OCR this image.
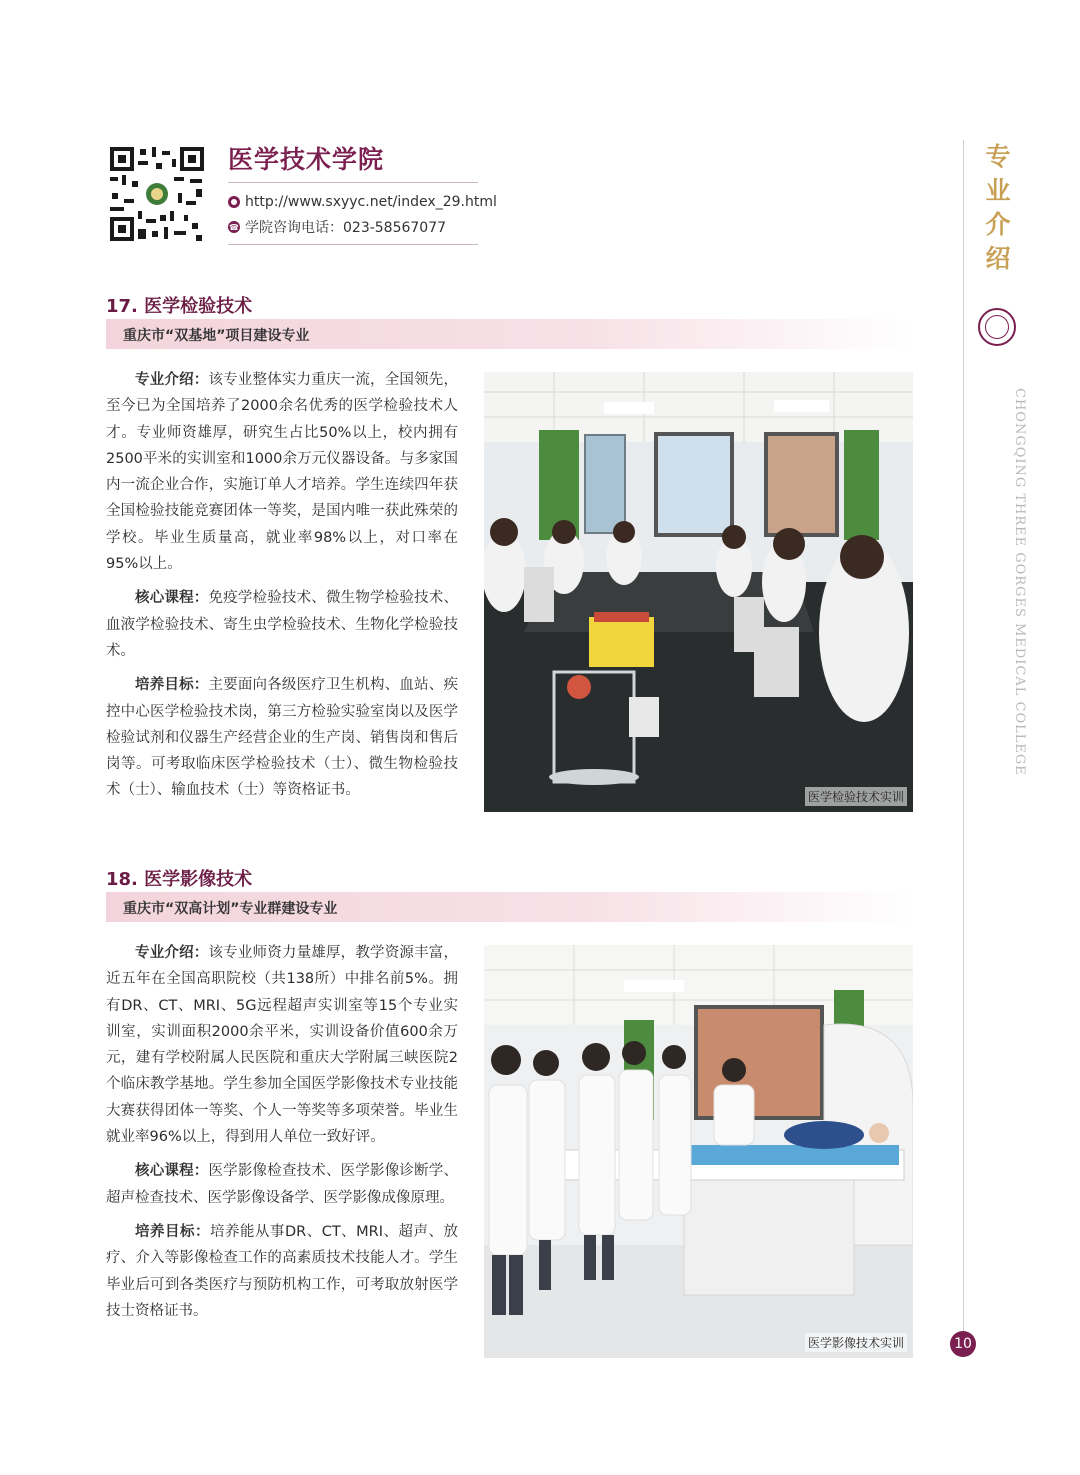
医学技术学院
http://www.sxyyc.net/index_29.html
☎ 学院咨询电话：023-58567077
专业介绍
CHONGQING THREE GORGES MEDICAL COLLEGE
10
17. 医学检验技术
重庆市“双基地”项目建设专业

专业介绍：该专业整体实力重庆一流，全国领先，至今已为全国培养了2000余名优秀的医学检验技术人才。专业师资雄厚，研究生占比50%以上，校内拥有2500平米的实训室和1000余万元仪器设备。与多家国内一流企业合作，实施订单人才培养。学生连续四年获全国检验技能竞赛团体一等奖，是国内唯一获此殊荣的学校。毕业生质量高，就业率98%以上，对口率在95%以上。

核心课程：免疫学检验技术、微生物学检验技术、血液学检验技术、寄生虫学检验技术、生物化学检验技术。

培养目标：主要面向各级医疗卫生机构、血站、疾控中心医学检验技术岗，第三方检验实验室岗以及医学检验试剂和仪器生产经营企业的生产岗、销售岗和售后岗等。可考取临床医学检验技术（士）、微生物检验技术（士）、输血技术（士）等资格证书。	医学检验技术实训
18. 医学影像技术
重庆市“双高计划”专业群建设专业

专业介绍：该专业师资力量雄厚，教学资源丰富，近五年在全国高职院校（共138所）中排名前5%。拥有DR、CT、MRI、5G远程超声实训室等15个专业实训室，实训面积2000余平米，实训设备价值600余万元，建有学校附属人民医院和重庆大学附属三峡医院2个临床教学基地。学生参加全国医学影像技术专业技能大赛获得团体一等奖、个人一等奖等多项荣誉。毕业生就业率96%以上，得到用人单位一致好评。

核心课程：医学影像检查技术、医学影像诊断学、超声检查技术、医学影像设备学、医学影像成像原理。

培养目标：培养能从事DR、CT、MRI、超声、放疗、介入等影像检查工作的高素质技术技能人才。学生毕业后可到各类医疗与预防机构工作，可考取放射医学技士资格证书。

医学影像技术实训
